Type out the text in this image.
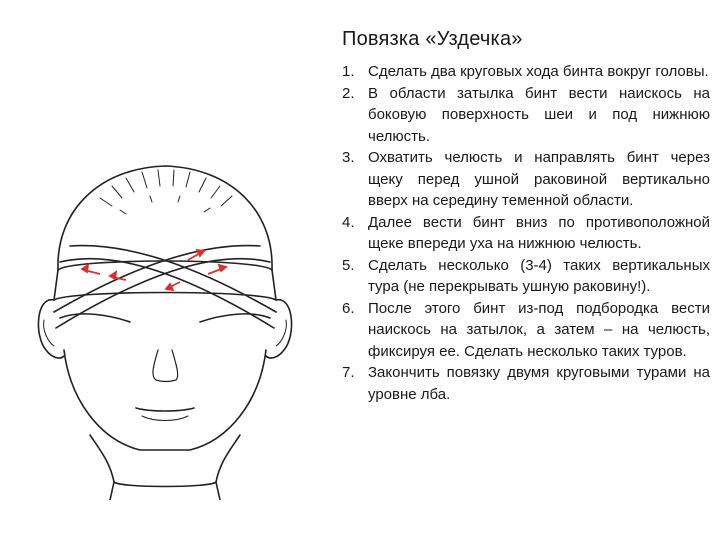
Повязка «Уздечка»
1. Сделать два круговых хода бинта вокруг головы.
2. В области затылка бинт вести наискось на боковую поверхность шеи и под нижнюю челюсть.
3. Охватить челюсть и направлять бинт через щеку перед ушной раковиной вертикально вверх на середину теменной области.
4. Далее вести бинт вниз по противоположной щеке впереди уха на нижнюю челюсть.
5. Сделать несколько (3-4) таких вертикальных тура (не перекрывать ушную раковину!).
6. После этого бинт из-под подбородка вести наискось на затылок, а затем – на челюсть, фиксируя ее. Сделать несколько таких туров.
7. Закончить повязку двумя круговыми турами на уровне лба.
